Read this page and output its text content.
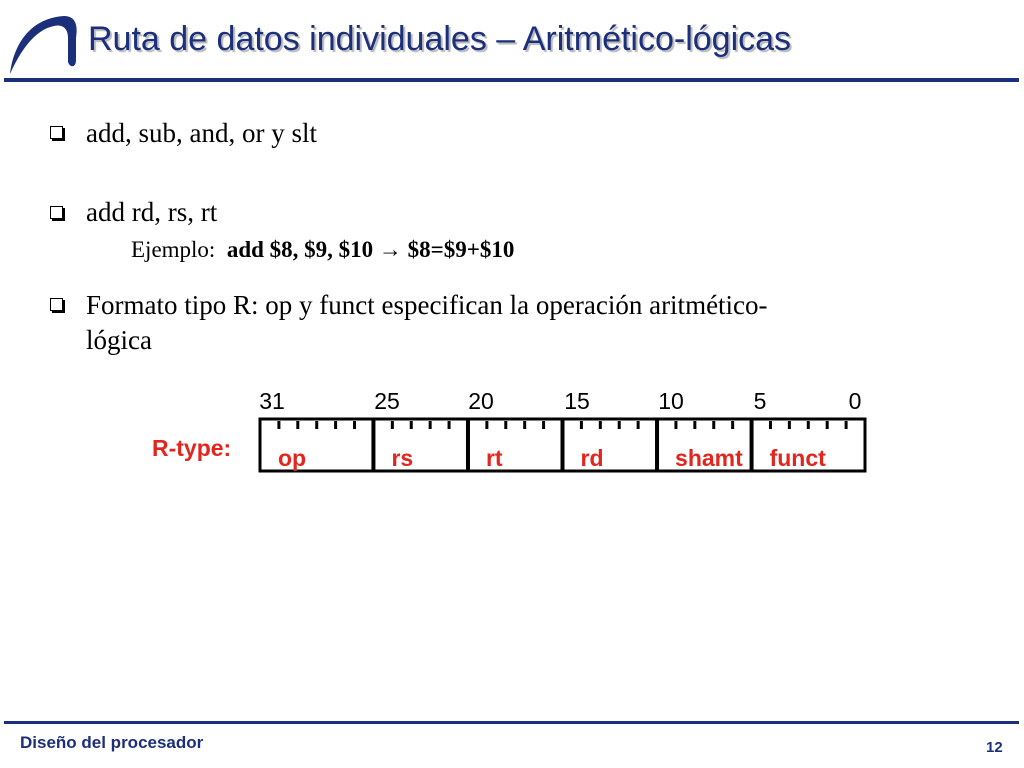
Ruta de datos individuales – Aritmético-lógicas
add, sub, and, or y slt
add rd, rs, rt
Ejemplo: add $8, $9, $10 → $8=$9+$10
Formato tipo R: op y funct especifican la operación aritmético-
lógica
R-type: op	rs	rt	rd	shamt funct
31	25	20	15	10	5	0
Diseño del procesador	12
